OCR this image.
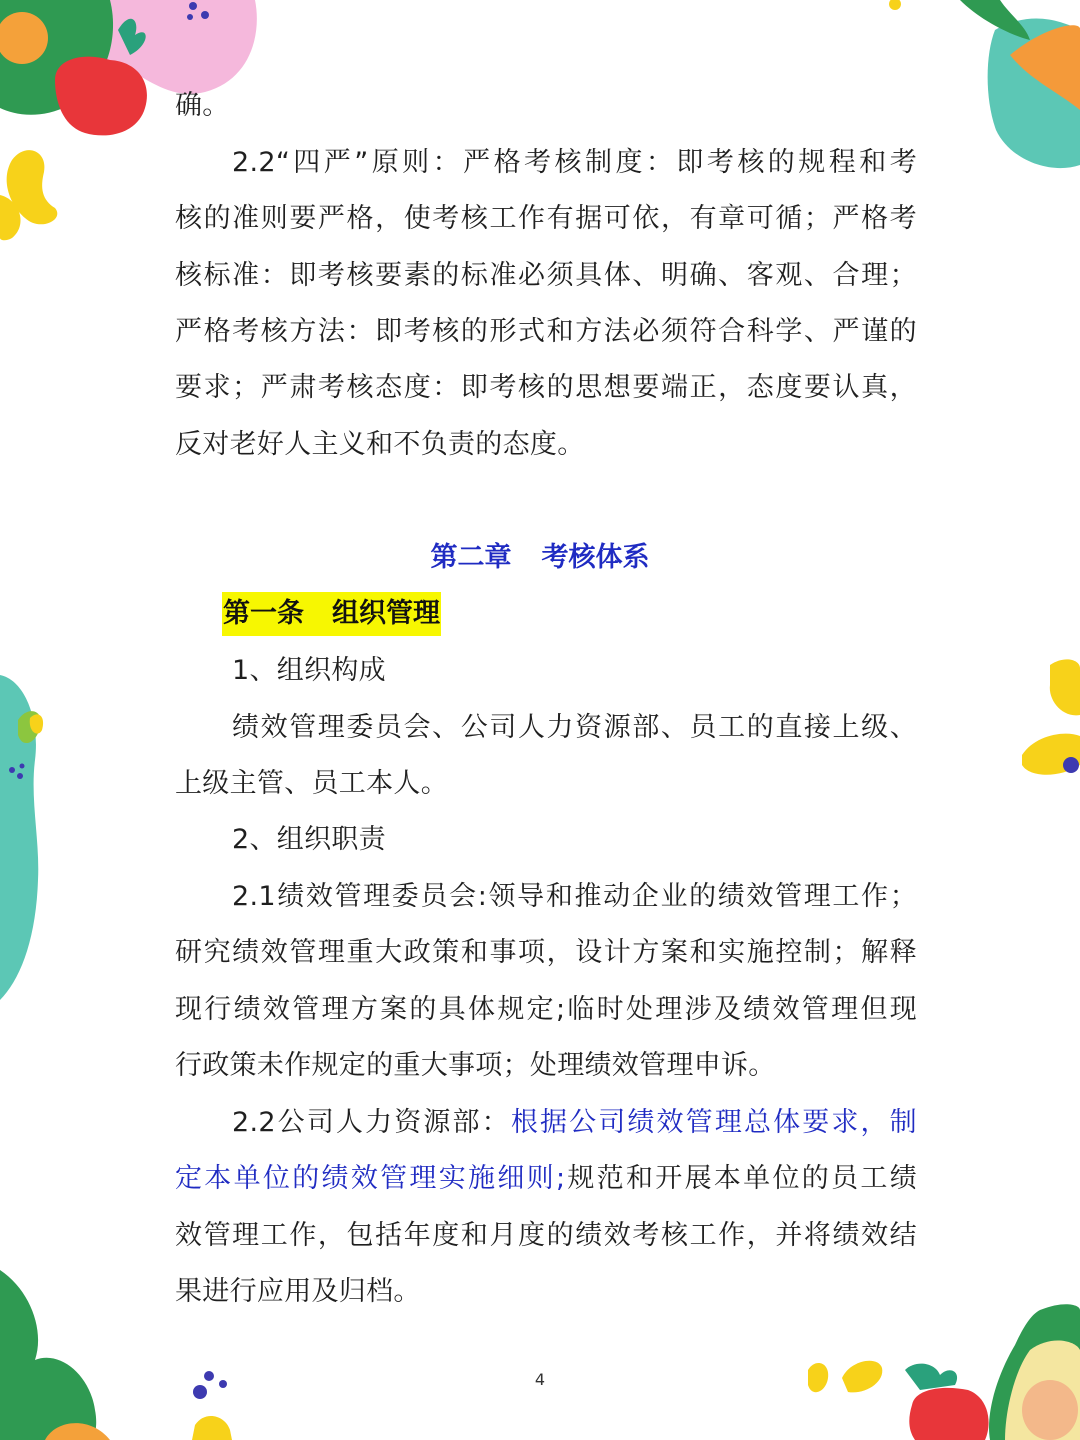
确。
2.2“四严”原则：严格考核制度：即考核的规程和考
核的准则要严格，使考核工作有据可依，有章可循；严格考
核标准：即考核要素的标准必须具体、明确、客观、合理；
严格考核方法：即考核的形式和方法必须符合科学、严谨的
要求；严肃考核态度：即考核的思想要端正，态度要认真，
反对老好人主义和不负责的态度。
第二章 考核体系
第一条 组织管理
1、组织构成
绩效管理委员会、公司人力资源部、员工的直接上级、
上级主管、员工本人。
2、组织职责
2.1绩效管理委员会:领导和推动企业的绩效管理工作；
研究绩效管理重大政策和事项，设计方案和实施控制；解释
现行绩效管理方案的具体规定;临时处理涉及绩效管理但现
行政策未作规定的重大事项；处理绩效管理申诉。
2.2公司人力资源部：根据公司绩效管理总体要求，制
定本单位的绩效管理实施细则;规范和开展本单位的员工绩
效管理工作，包括年度和月度的绩效考核工作，并将绩效结
果进行应用及归档。
4
